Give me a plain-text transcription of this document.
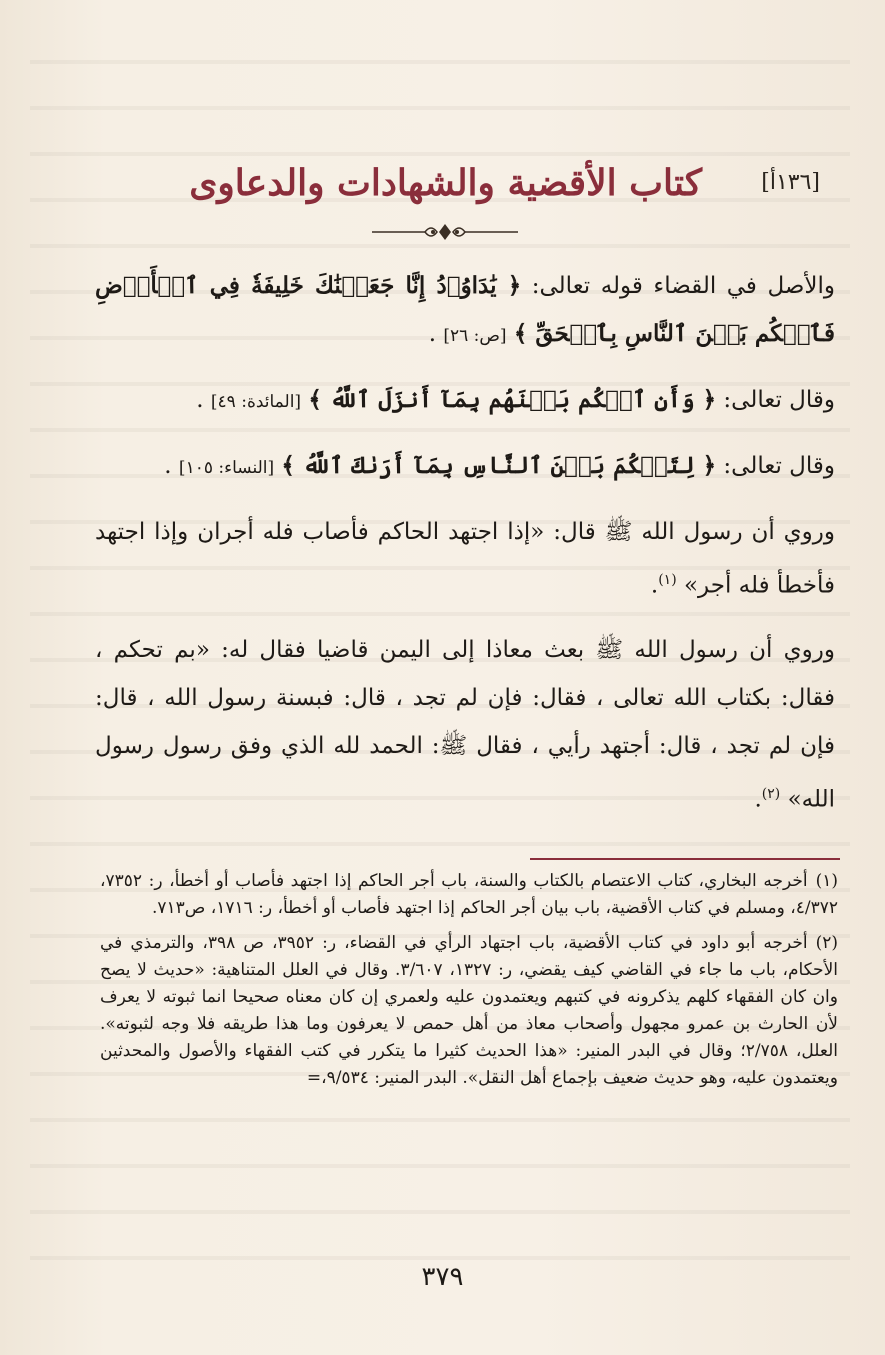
كتاب الأقضية والشهادات والدعاوى	[١٣٦أ]

والأصل في القضاء قوله تعالى: ﴿ يَٰدَاوُۥدُ إِنَّا جَعَلۡنَٰكَ خَلِيفَةٗ فِي ٱلۡأَرۡضِ فَٱحۡكُم بَيۡنَ ٱلنَّاسِ بِٱلۡحَقِّ ﴾ [ص: ٢٦] .

وقال تعالى: ﴿ وَأَنِ ٱحۡكُم بَيۡنَهُم بِمَآ أَنزَلَ ٱللَّهُ ﴾ [المائدة: ٤٩] .

وقال تعالى: ﴿ لِتَحۡكُمَ بَيۡنَ ٱلنَّاسِ بِمَآ أَرَىٰكَ ٱللَّهُ ﴾ [النساء: ١٠٥] .

وروي أن رسول الله ﷺ قال: «إذا اجتهد الحاكم فأصاب فله أجران وإذا اجتهد فأخطأ فله أجر» $^{(١)}$.

وروي أن رسول الله ﷺ بعث معاذا إلى اليمن قاضيا فقال له: «بم تحكم ، فقال: بكتاب الله تعالى ، فقال: فإن لم تجد ، قال: فبسنة رسول الله ، قال: فإن لم تجد ، قال: أجتهد رأيي ، فقال ﷺ: الحمد لله الذي وفق رسول رسول الله» $^{(٢)}$.

(١)أخرجه البخاري، كتاب الاعتصام بالكتاب والسنة، باب أجر الحاكم إذا اجتهد فأصاب أو أخطأ، ر: ٧٣٥٢، ٤/٣٧٢، ومسلم في كتاب الأقضية، باب بيان أجر الحاكم إذا اجتهد فأصاب أو أخطأ، ر: ١٧١٦، ص٧١٣.

(٢)أخرجه أبو داود في كتاب الأقضية، باب اجتهاد الرأي في القضاء، ر: ٣٩٥٢، ص ٣٩٨، والترمذي في الأحكام، باب ما جاء في القاضي كيف يقضي، ر: ١٣٢٧، ٣/٦٠٧. وقال في العلل المتناهية: «حديث لا يصح وان كان الفقهاء كلهم يذكرونه في كتبهم ويعتمدون عليه ولعمري إن كان معناه صحيحا انما ثبوته لا يعرف لأن الحارث بن عمرو مجهول وأصحاب معاذ من أهل حمص لا يعرفون وما هذا طريقه فلا وجه لثبوته». العلل، ٢/٧٥٨؛ وقال في البدر المنير: «هذا الحديث كثيرا ما يتكرر في كتب الفقهاء والأصول والمحدثين ويعتمدون عليه، وهو حديث ضعيف بإجماع أهل النقل». البدر المنير: ٩/٥٣٤،=

٣٧٩
